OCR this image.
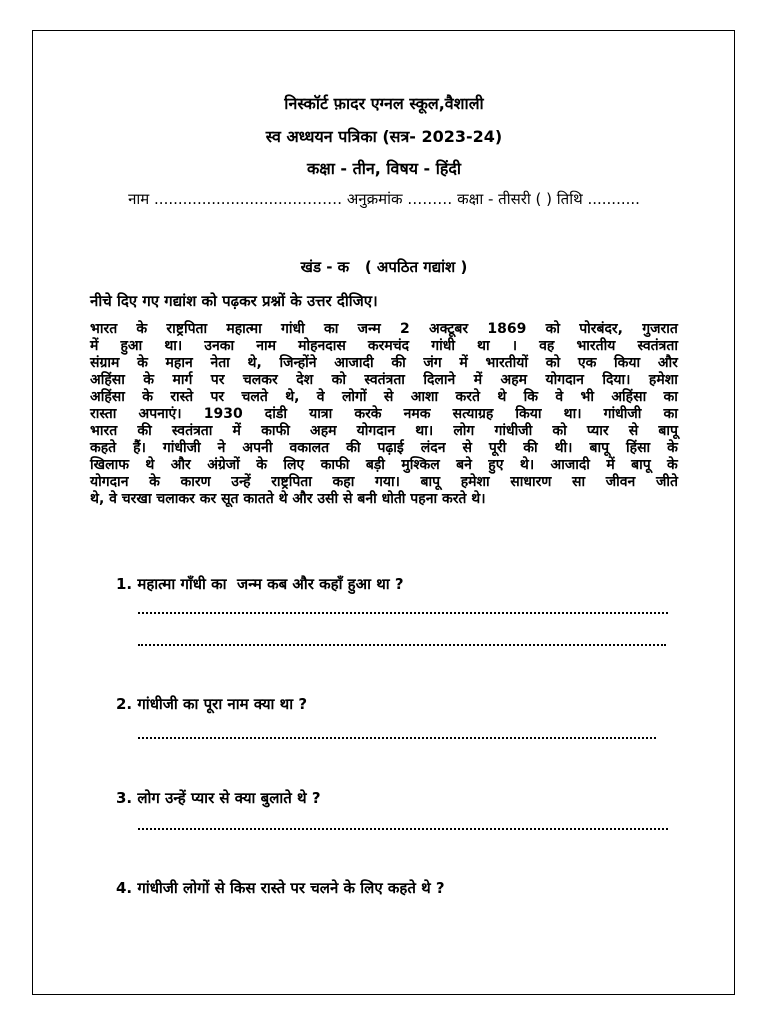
निस्कॉर्ट फ़ादर एग्नल स्कूल,वैशाली
स्व अध्धयन पत्रिका (सत्र- 2023-24)
कक्षा - तीन, विषय - हिंदी
नाम ..............................……… अनुक्रमांक ……… कक्षा - तीसरी ( ) तिथि ...........
खंड - क   ( अपठित गद्यांश )
नीचे दिए गए गद्यांश को पढ़कर प्रश्नों के उत्तर दीजिए।
भारत के राष्ट्रपिता महात्मा गांधी का जन्म 2 अक्टूबर 1869 को पोरबंदर, गुजरात
में हुआ था। उनका नाम मोहनदास करमचंद गांधी था । वह भारतीय स्वतंत्रता
संग्राम के महान नेता थे, जिन्होंने आजादी की जंग में भारतीयों को एक किया और
अहिंसा के मार्ग पर चलकर देश को स्वतंत्रता दिलाने में अहम योगदान दिया। हमेशा
अहिंसा के रास्ते पर चलते थे, वे लोगों से आशा करते थे कि वे भी अहिंसा का
रास्ता अपनाएं। 1930 दांडी यात्रा करके नमक सत्याग्रह किया था। गांधीजी का
भारत की स्वतंत्रता में काफी अहम योगदान था। लोग गांधीजी को प्यार से बापू
कहते हैं। गांधीजी ने अपनी वकालत की पढ़ाई लंदन से पूरी की थी। बापू हिंसा के
खिलाफ थे और अंग्रेजों के लिए काफी बड़ी मुश्किल बने हुए थे। आजादी में बापू के
योगदान के कारण उन्हें राष्ट्रपिता कहा गया। बापू हमेशा साधारण सा जीवन जीते
थे, वे चरखा चलाकर कर सूत कातते थे और उसी से बनी धोती पहना करते थे।
1. महात्मा गाँधी का  जन्म कब और कहाँ हुआ था ?
2. गांधीजी का पूरा नाम क्या था ?
3. लोग उन्हें प्यार से क्या बुलाते थे ?
4. गांधीजी लोगों से किस रास्ते पर चलने के लिए कहते थे ?
